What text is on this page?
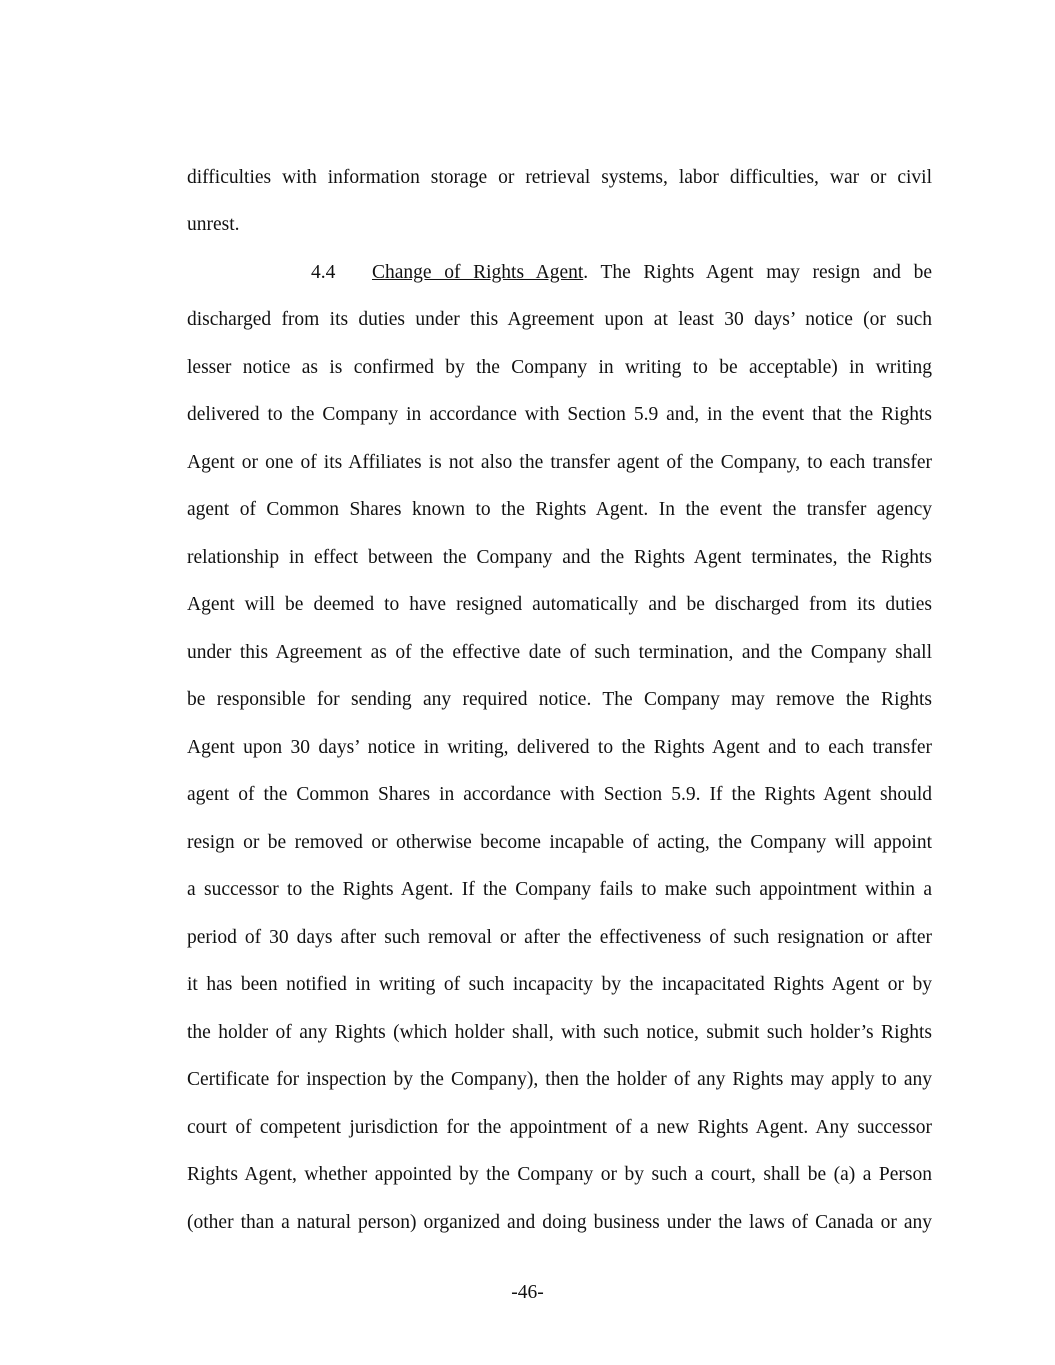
difficulties with information storage or retrieval systems, labor difficulties, war or civil
unrest.
4.4 Change of Rights Agent. The Rights Agent may resign and be
discharged from its duties under this Agreement upon at least 30 days’ notice (or such
lesser notice as is confirmed by the Company in writing to be acceptable) in writing
delivered to the Company in accordance with Section 5.9 and, in the event that the Rights
Agent or one of its Affiliates is not also the transfer agent of the Company, to each transfer
agent of Common Shares known to the Rights Agent. In the event the transfer agency
relationship in effect between the Company and the Rights Agent terminates, the Rights
Agent will be deemed to have resigned automatically and be discharged from its duties
under this Agreement as of the effective date of such termination, and the Company shall
be responsible for sending any required notice. The Company may remove the Rights
Agent upon 30 days’ notice in writing, delivered to the Rights Agent and to each transfer
agent of the Common Shares in accordance with Section 5.9. If the Rights Agent should
resign or be removed or otherwise become incapable of acting, the Company will appoint
a successor to the Rights Agent. If the Company fails to make such appointment within a
period of 30 days after such removal or after the effectiveness of such resignation or after
it has been notified in writing of such incapacity by the incapacitated Rights Agent or by
the holder of any Rights (which holder shall, with such notice, submit such holder’s Rights
Certificate for inspection by the Company), then the holder of any Rights may apply to any
court of competent jurisdiction for the appointment of a new Rights Agent. Any successor
Rights Agent, whether appointed by the Company or by such a court, shall be (a) a Person
(other than a natural person) organized and doing business under the laws of Canada or any
-46-
